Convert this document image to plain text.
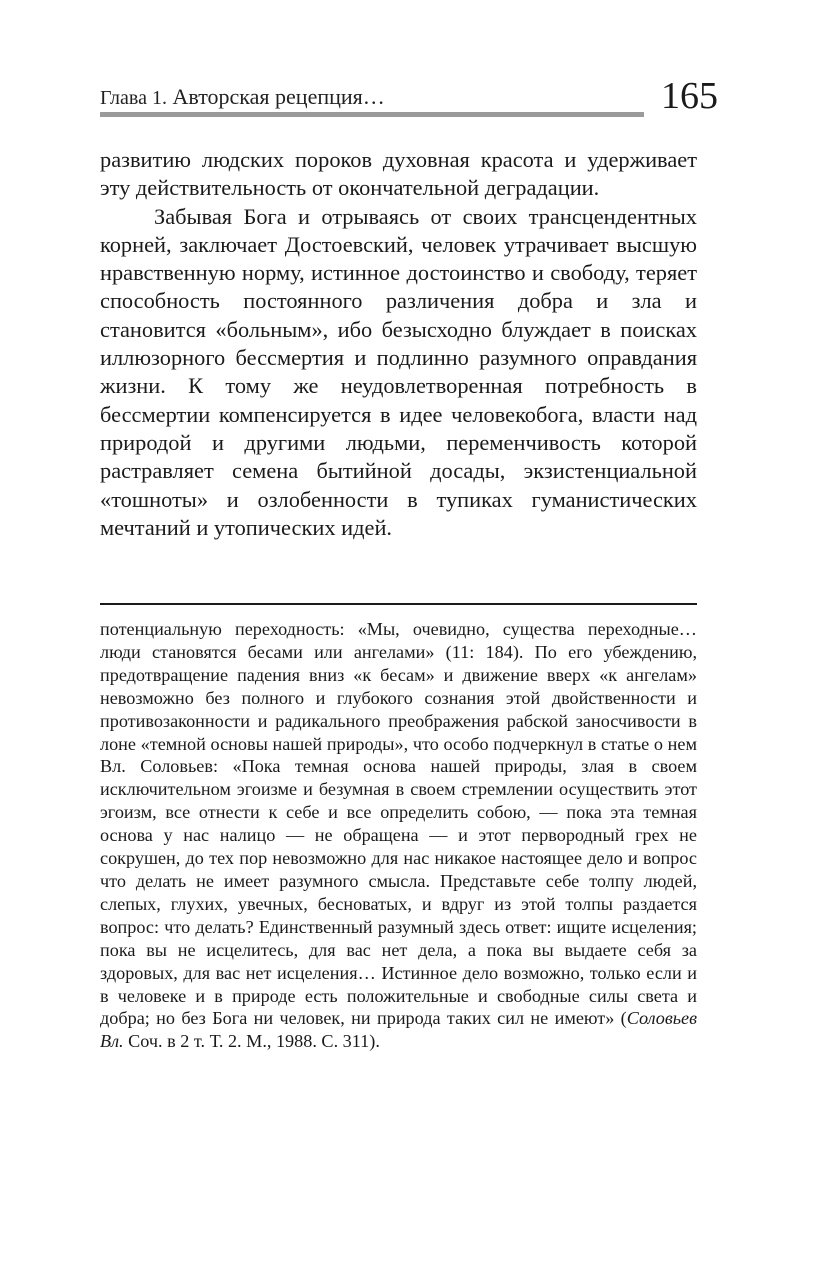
Глава 1. Авторская рецепция…	165

развитию людских пороков духовная красота и удерживает эту действительность от окончательной деградации.

Забывая Бога и отрываясь от своих трансцендентных корней, заключает Достоевский, человек утрачивает высшую нравственную норму, истинное достоинство и свободу, теряет способность постоянного различения добра и зла и становится «больным», ибо безысходно блуждает в поисках иллюзорного бессмертия и подлинно разумного оправдания жизни. К тому же неудовлетворенная потребность в бессмертии компенсируется в идее человекобога, власти над природой и другими людьми, переменчивость которой растравляет семена бытийной досады, экзистенциальной «тошноты» и озлобенности в тупиках гуманистических мечтаний и утопических идей.

потенциальную переходность: «Мы, очевидно, существа переходные… люди становятся бесами или ангелами» (11: 184). По его убеждению, предотвращение падения вниз «к бесам» и движение вверх «к ангелам» невозможно без полного и глубокого сознания этой двойственности и противозаконности и радикального преображения рабской заносчивости в лоне «темной основы нашей природы», что особо подчеркнул в статье о нем Вл. Соловьев: «Пока темная основа нашей природы, злая в своем исключительном эгоизме и безумная в своем стремлении осуществить этот эгоизм, все отнести к себе и все определить собою, — пока эта темная основа у нас налицо — не обращена — и этот первородный грех не сокрушен, до тех пор невозможно для нас никакое настоящее дело и вопрос что делать не имеет разумного смысла. Представьте себе толпу людей, слепых, глухих, увечных, бесноватых, и вдруг из этой толпы раздается вопрос: что делать? Единственный разумный здесь ответ: ищите исцеления; пока вы не исцелитесь, для вас нет дела, а пока вы выдаете себя за здоровых, для вас нет исцеления… Истинное дело возможно, только если и в человеке и в природе есть положительные и свободные силы света и добра; но без Бога ни человек, ни природа таких сил не имеют» (Соловьев Вл. Соч. в 2 т. Т. 2. М., 1988. С. 311).
